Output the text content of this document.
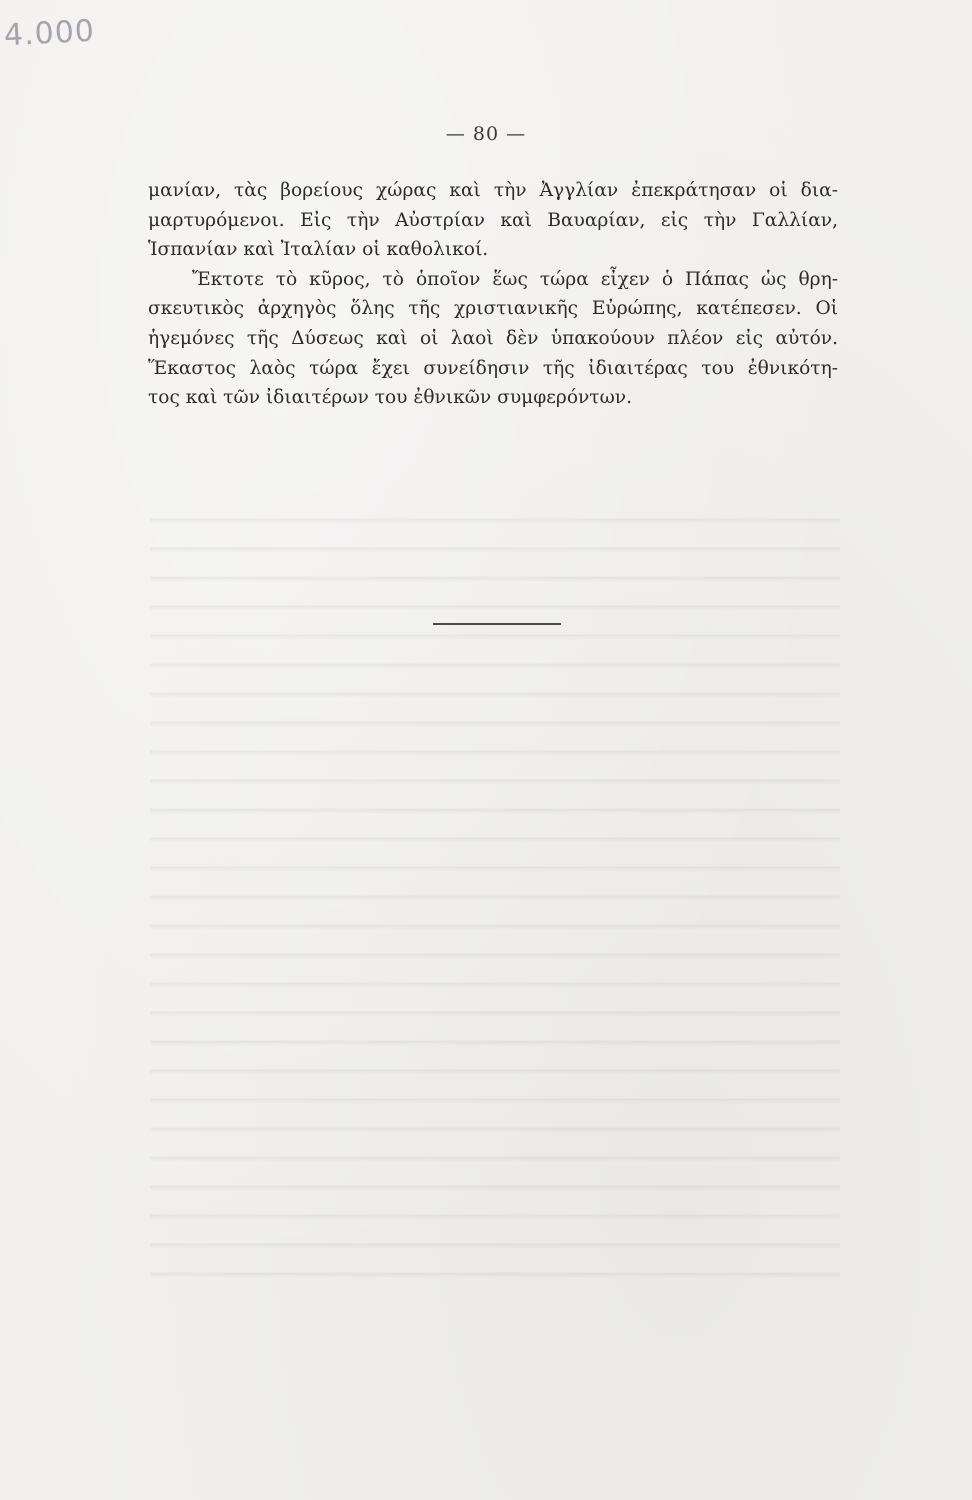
4.000
— 80 —
μανίαν, τὰς βορείους χώρας καὶ τὴν Ἀγγλίαν ἐπεκράτησαν οἱ δια-
μαρτυρόμενοι. Εἰς τὴν Αὐστρίαν καὶ Βαυαρίαν, εἰς τὴν Γαλλίαν,
Ἱσπανίαν καὶ Ἰταλίαν οἱ καθολικοί.
Ἔκτοτε τὸ κῦρος, τὸ ὁποῖον ἕως τώρα εἶχεν ὁ Πάπας ὡς θρη-
σκευτικὸς ἀρχηγὸς ὅλης τῆς χριστιανικῆς Εὐρώπης, κατέπεσεν. Οἱ
ἡγεμόνες τῆς Δύσεως καὶ οἱ λαοὶ δὲν ὑπακούουν πλέον εἰς αὐτόν.
Ἕκαστος λαὸς τώρα ἔχει συνείδησιν τῆς ἰδιαιτέρας του ἐθνικότη-
τος καὶ τῶν ἰδιαιτέρων του ἐθνικῶν συμφερόντων.
